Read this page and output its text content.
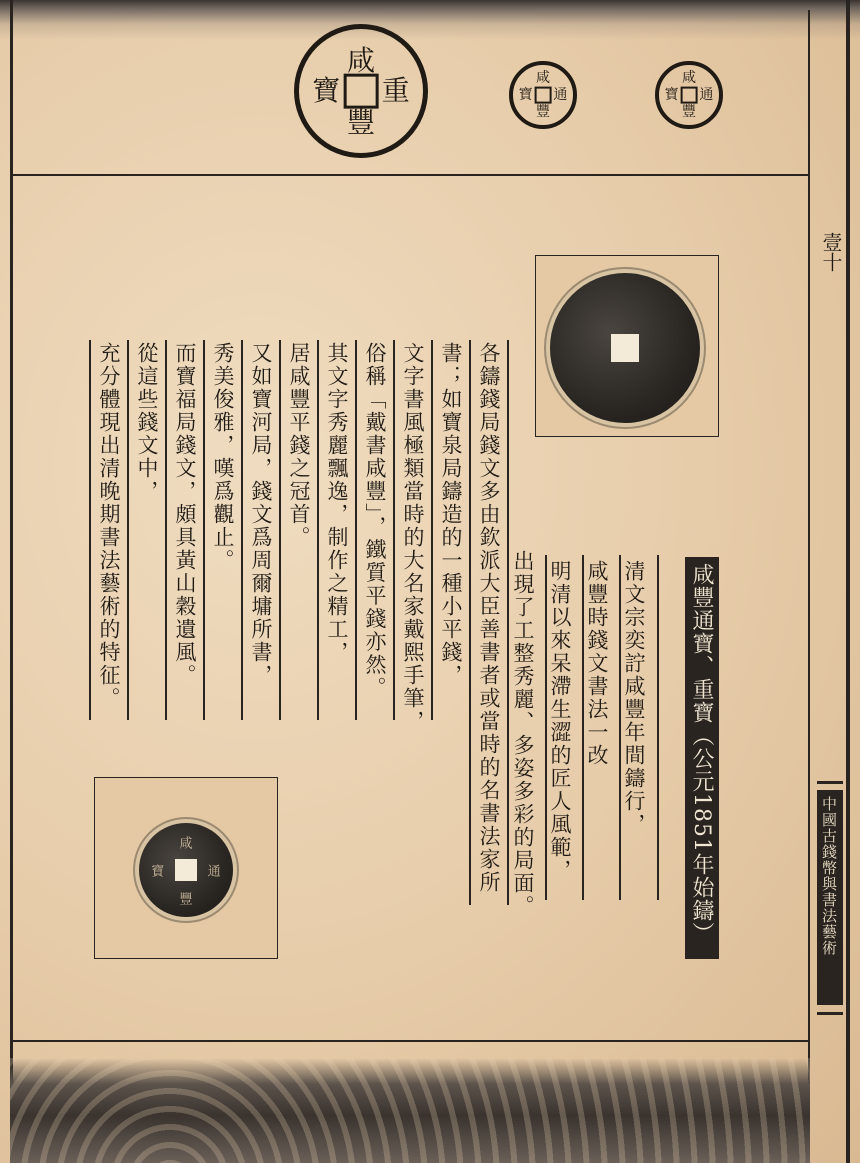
咸
重
豐
寶	咸
通
豐
寶
咸
通
豐
寶
壹十
中國古錢幣與書法藝術
咸
通
豐
寶	咸豐通寶、重寶（公元1851年始鑄）
清文宗奕詝咸豐年間鑄行，
咸豐時錢文書法一改
明清以來呆滯生澀的匠人風範，
出現了工整秀麗、多姿多彩的局面。
各鑄錢局錢文多由欽派大臣善書者或當時的名書法家所
書；如寶泉局鑄造的一種小平錢，
文字書風極類當時的大名家戴熙手筆，
俗稱「戴書咸豐」，鐵質平錢亦然。
其文字秀麗飄逸，制作之精工，
居咸豐平錢之冠首。
又如寶河局，錢文爲周爾墉所書，
秀美俊雅，嘆爲觀止。
而寶福局錢文，頗具黃山穀遺風。
從這些錢文中，
充分體現出清晚期書法藝術的特征。
